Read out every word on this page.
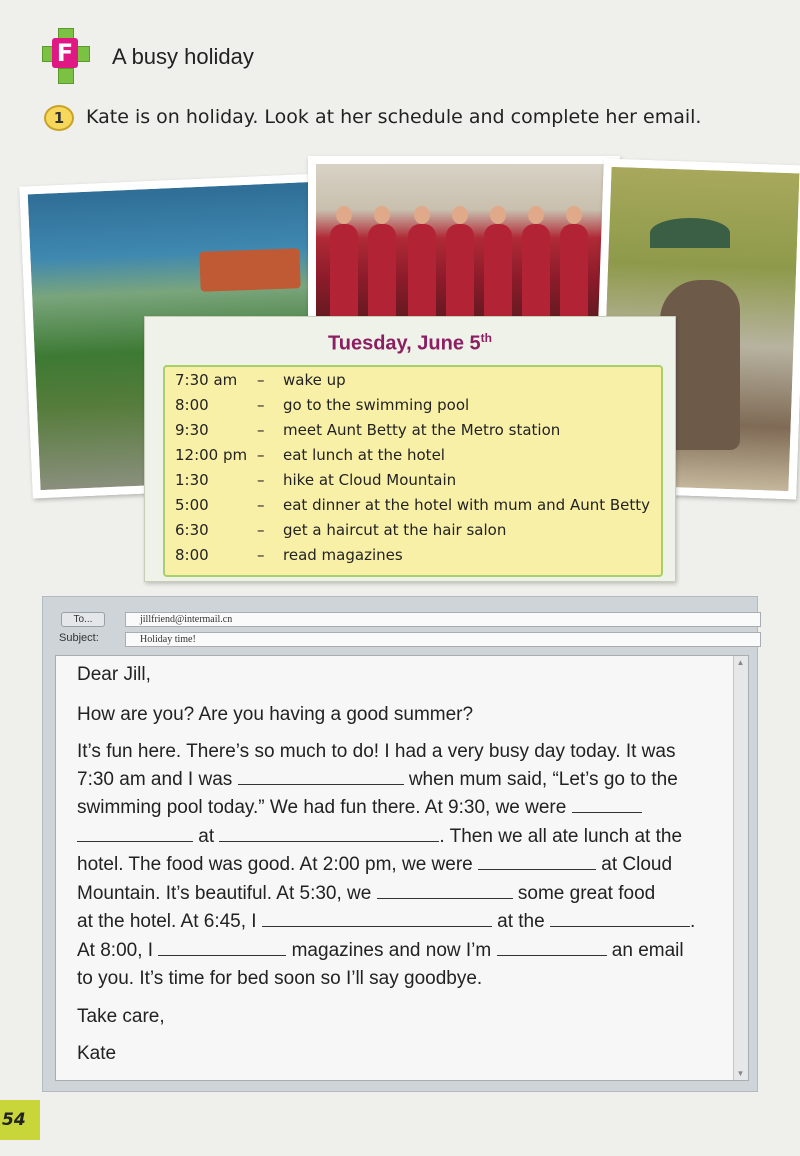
F A busy holiday
1	Kate is on holiday. Look at her schedule and complete her email.
Tuesday, June 5th
7:30 am – wake up
8:00	– go to the swimming pool
9:30	– meet Aunt Betty at the Metro station
12:00 pm – eat lunch at the hotel
1:30	– hike at Cloud Mountain
5:00	– eat dinner at the hotel with mum and Aunt Betty
6:30	– get a haircut at the hair salon
8:00	– read magazines
To...	jillfriend@intermail.cn
Subject:	Holiday time!
▲
▼
Dear Jill,
How are you? Are you having a good summer?
It’s fun here. There’s so much to do! I had a very busy day today. It was
7:30 am and I was	when mum said, “Let’s go to the
swimming pool today.” We had fun there. At 9:30, we were
at	. Then we all ate lunch at the
hotel. The food was good. At 2:00 pm, we were	at Cloud
Mountain. It’s beautiful. At 5:30, we	some great food
at the hotel. At 6:45, I	at the	.
At 8:00, I	magazines and now I’m	an email
to you. It’s time for bed soon so I’ll say goodbye.
Take care,
Kate
54
